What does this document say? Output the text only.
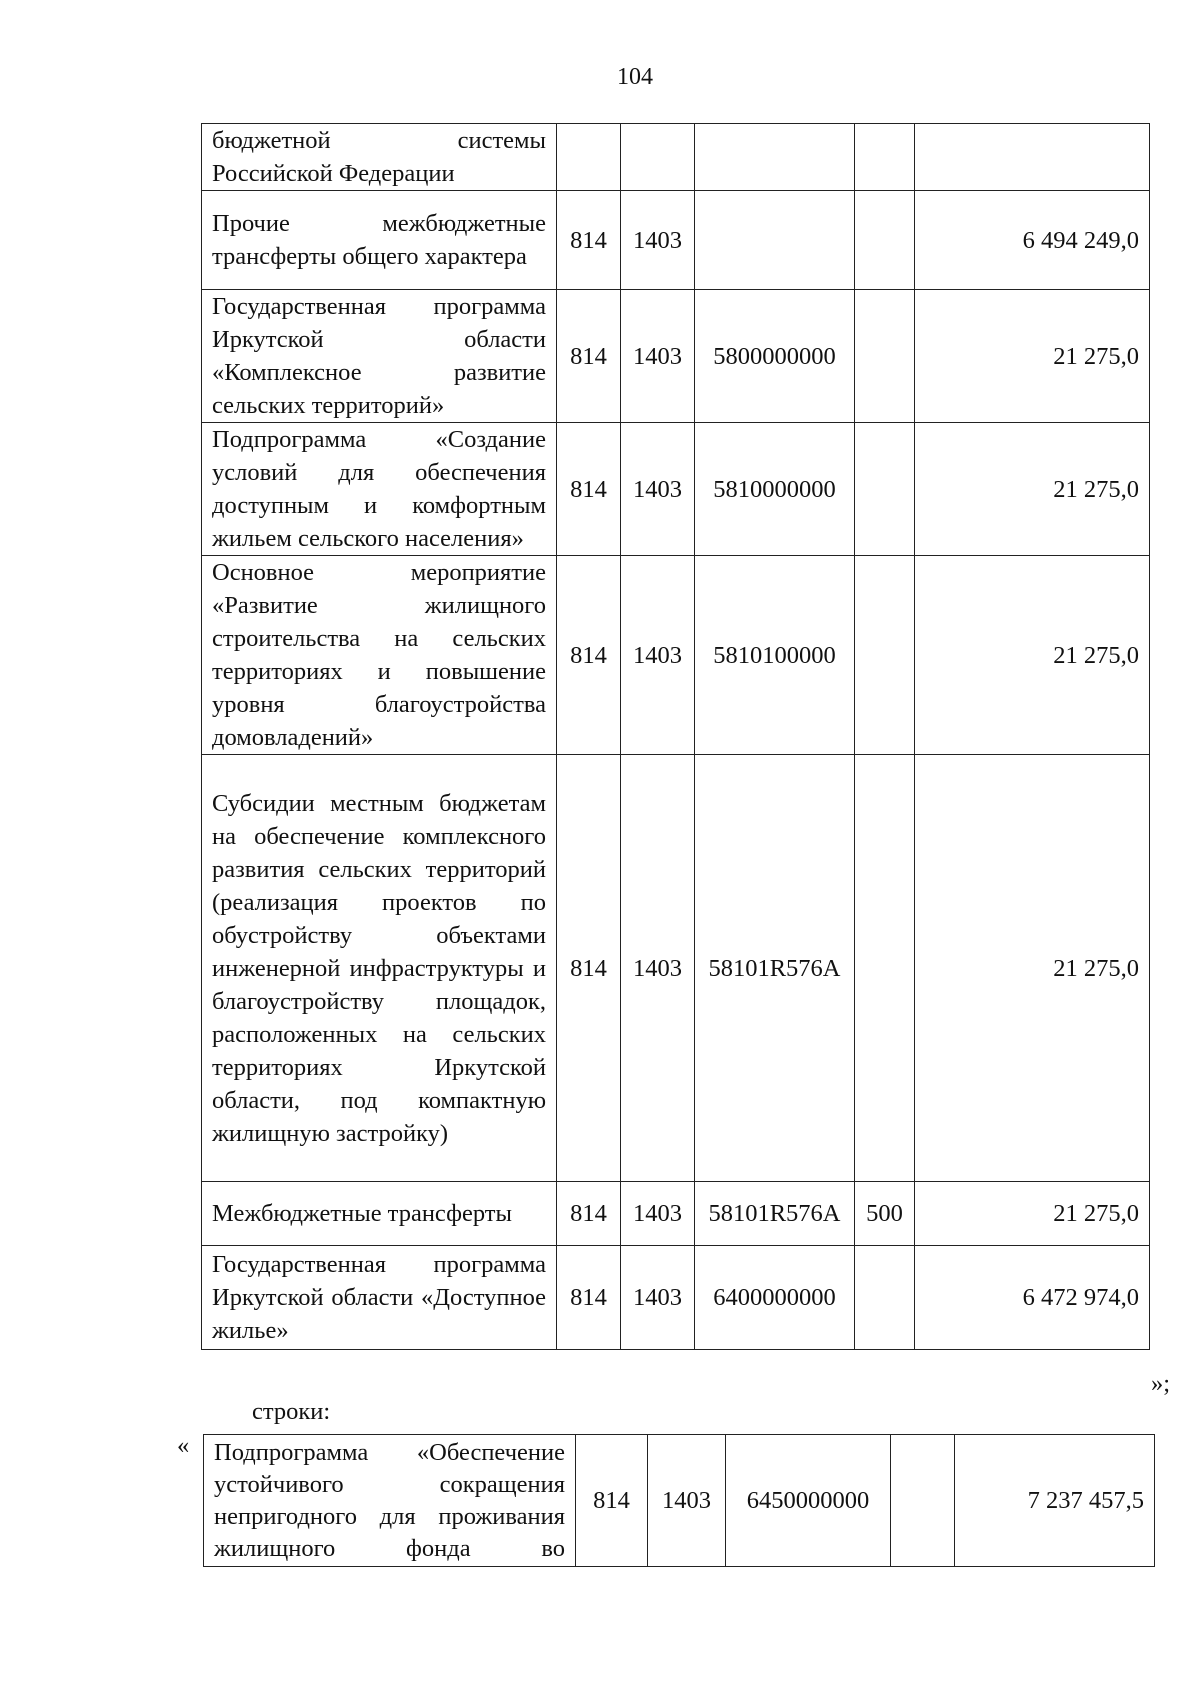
104
бюджетной системы Российской Федерации					
Прочие межбюджетные трансферты общего характера	814	1403			6 494 249,0
Государственная программа Иркутской области «Комплексное развитие сельских территорий»	814	1403	5800000000		21 275,0
Подпрограмма «Создание условий для обеспечения доступным и комфортным жильем сельского населения»	814	1403	5810000000		21 275,0
Основное мероприятие «Развитие жилищного строительства на сельских территориях и повышение уровня благоустройства домовладений»	814	1403	5810100000		21 275,0
Субсидии местным бюджетам на обеспечение комплексного развития сельских территорий (реализация проектов по обустройству объектами инженерной инфраструктуры и благоустройству площадок, расположенных на сельских территориях Иркутской области, под компактную жилищную застройку)	814	1403	58101R576A		21 275,0
Межбюджетные трансферты	814	1403	58101R576A	500	21 275,0
Государственная программа Иркутской области «Доступное жилье»	814	1403	6400000000		6 472 974,0
»;
строки:
« Подпрограмма «Обеспечение устойчивого сокращения непригодного для проживания жилищного фонда во	814	1403	6450000000		7 237 457,5
